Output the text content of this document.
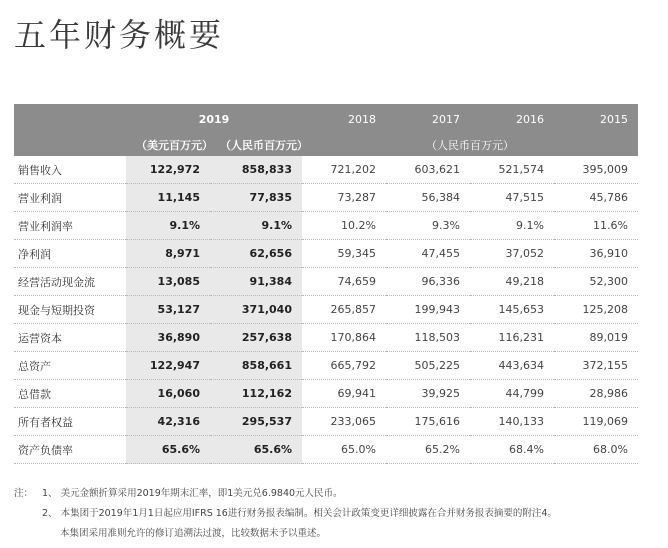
五年财务概要
	2019		2018	2017	2016	2015
	（美元百万元）	（人民币百万元）	（人民币百万元）			
销售收入	122,972	858,833	721,202	603,621	521,574	395,009
营业利润	11,145	77,835	73,287	56,384	47,515	45,786
营业利润率	9.1%	9.1%	10.2%	9.3%	9.1%	11.6%
净利润	8,971	62,656	59,345	47,455	37,052	36,910
经营活动现金流	13,085	91,384	74,659	96,336	49,218	52,300
现金与短期投资	53,127	371,040	265,857	199,943	145,653	125,208
运营资本	36,890	257,638	170,864	118,503	116,231	89,019
总资产	122,947	858,661	665,792	505,225	443,634	372,155
总借款	16,060	112,162	69,941	39,925	44,799	28,986
所有者权益	42,316	295,537	233,065	175,616	140,133	119,069
资产负债率	65.6%	65.6%	65.0%	65.2%	68.4%	68.0%
注： 1、 美元金额折算采用2019年期末汇率，即1美元兑6.9840元人民币。
2、 本集团于2019年1月1日起应用IFRS 16进行财务报表编制。相关会计政策变更详细披露在合并财务报表摘要的附注4。
本集团采用准则允许的修订追溯法过渡，比较数据未予以重述。
